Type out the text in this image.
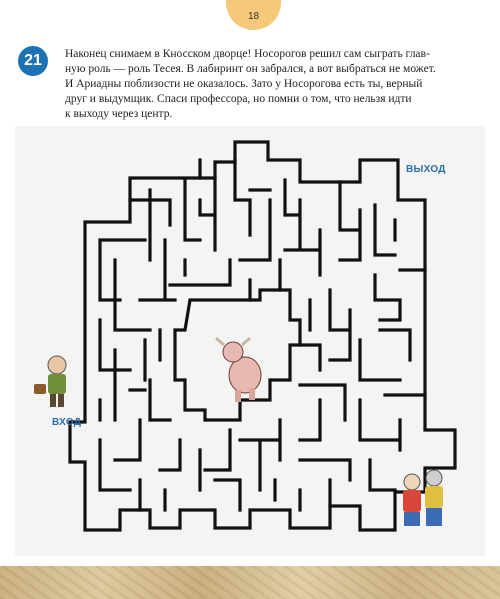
18
21	Наконец снимаем в Кносском дворце! Носорогов решил сам сыграть глав-
ную роль — роль Тесея. В лабиринт он забрался, а вот выбраться не может.
И Ариадны поблизости не оказалось. Зато у Носорогова есть ты, верный
друг и выдумщик. Спаси профессора, но помни о том, что нельзя идти
к выходу через центр.

ВЫХОД
ВХОД
